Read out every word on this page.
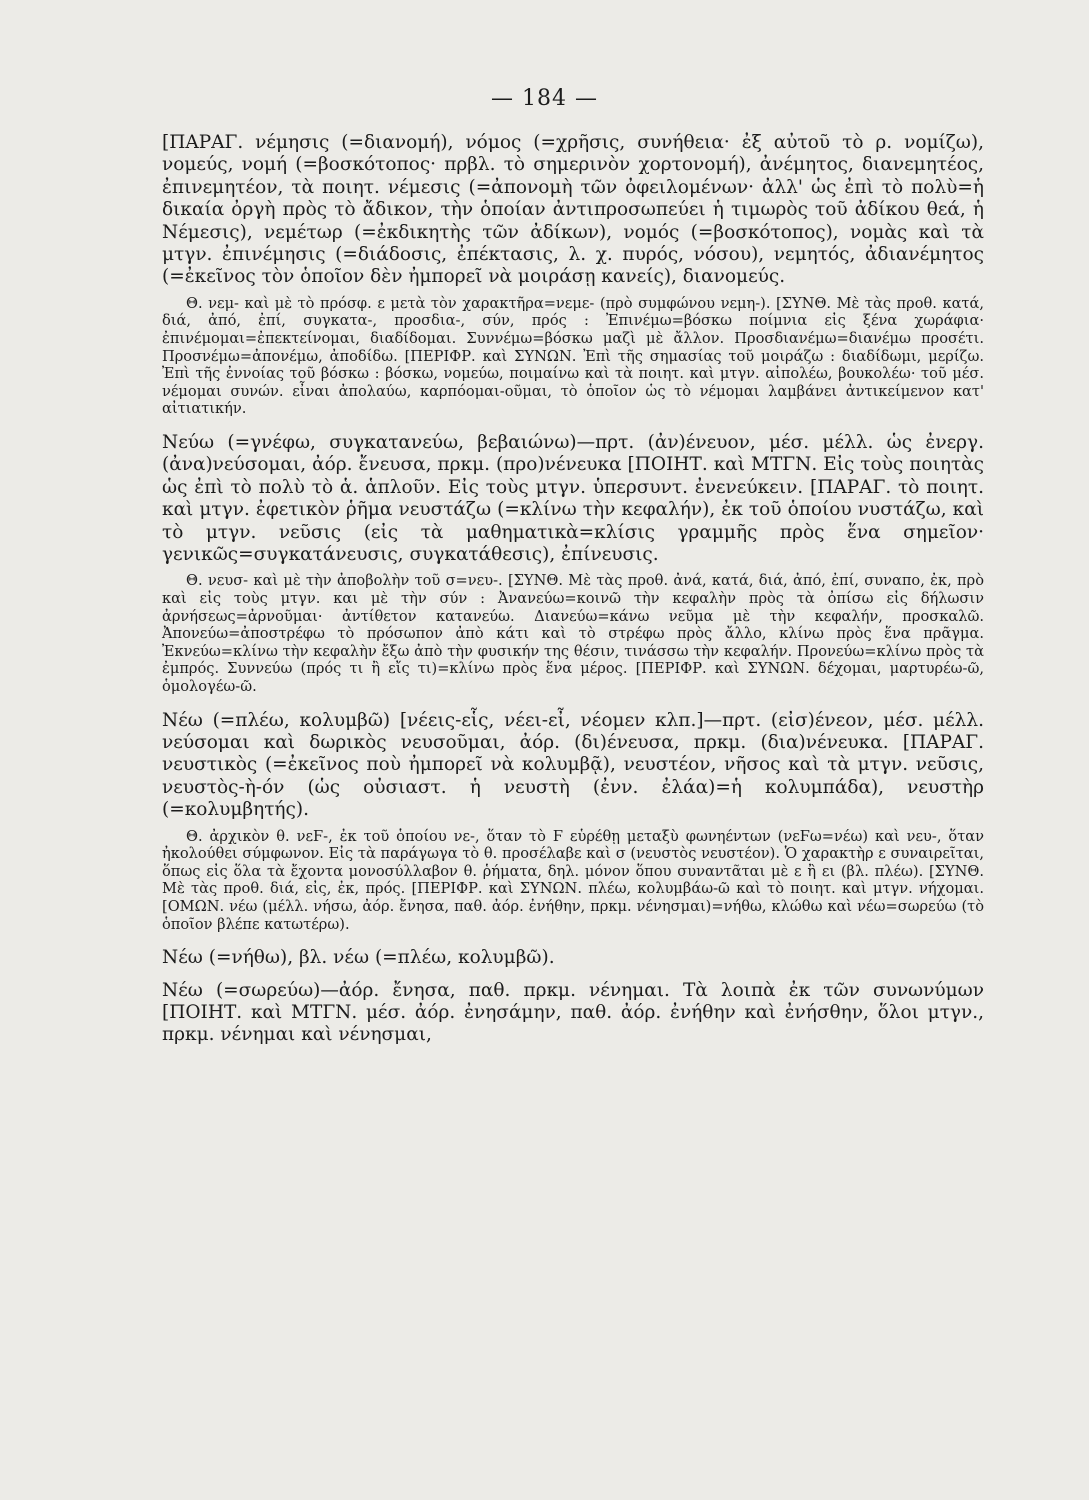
— 184 —

[ΠΑΡΑΓ. νέμησις (=διανομή), νόμος (=χρῆσις, συνήθεια· ἐξ αὐτοῦ τὸ ρ. νομίζω), νομεύς, νομή (=βοσκότοπος· πρβλ. τὸ σημερινὸν χορτονομή), ἀνέμητος, διανεμητέος, ἐπινεμητέον, τὰ ποιητ. νέμεσις (=ἀπονομὴ τῶν ὀφειλομένων· ἀλλ' ὡς ἐπὶ τὸ πολὺ=ἡ δικαία ὀργὴ πρὸς τὸ ἄδικον, τὴν ὁποίαν ἀντιπροσωπεύει ἡ τιμωρὸς τοῦ ἀδίκου θεά, ἡ Νέμεσις), νεμέτωρ (=ἐκδικητὴς τῶν ἀδίκων), νομός (=βοσκότοπος), νομὰς καὶ τὰ μτγν. ἐπινέμησις (=διάδοσις, ἐπέκτασις, λ. χ. πυρός, νόσου), νεμητός, ἀδιανέμητος (=ἐκεῖνος τὸν ὁποῖον δὲν ἠμπορεῖ νὰ μοιράσῃ κανείς), διανομεύς.

Θ. νεμ- καὶ μὲ τὸ πρόσφ. ε μετὰ τὸν χαρακτῆρα=νεμε- (πρὸ συμφώνου νεμη-). [ΣΥΝΘ. Μὲ τὰς προθ. κατά, διά, ἀπό, ἐπί, συγκατα-, προσδια-, σύν, πρός : Ἐπινέμω=βόσκω ποίμνια εἰς ξένα χωράφια· ἐπινέμομαι=ἐπεκτείνομαι, διαδίδομαι. Συννέμω=βόσκω μαζὶ μὲ ἄλλον. Προσδιανέμω=διανέμω προσέτι. Προσνέμω=ἀπονέμω, ἀποδίδω. [ΠΕΡΙΦΡ. καὶ ΣΥΝΩΝ. Ἐπὶ τῆς σημασίας τοῦ μοιράζω : διαδίδωμι, μερίζω. Ἐπὶ τῆς ἐννοίας τοῦ βόσκω : βόσκω, νομεύω, ποιμαίνω καὶ τὰ ποιητ. καὶ μτγν. αἰπολέω, βουκολέω· τοῦ μέσ. νέμομαι συνών. εἶναι ἀπολαύω, καρπόομαι-οῦμαι, τὸ ὁποῖον ὡς τὸ νέμομαι λαμβάνει ἀντικείμενον κατ' αἰτιατικήν.

Νεύω (=γνέφω, συγκατανεύω, βεβαιώνω)—πρτ. (ἀν)ένευον, μέσ. μέλλ. ὡς ἐνεργ. (ἀνα)νεύσομαι, ἀόρ. ἔνευσα, πρκμ. (προ)νένευκα [ΠΟΙΗΤ. καὶ ΜΤΓΝ. Εἰς τοὺς ποιητὰς ὡς ἐπὶ τὸ πολὺ τὸ ἁ. ἁπλοῦν. Εἰς τοὺς μτγν. ὑπερσυντ. ἐνενεύκειν. [ΠΑΡΑΓ. τὸ ποιητ. καὶ μτγν. ἐφετικὸν ῥῆμα νευστάζω (=κλίνω τὴν κεφαλήν), ἐκ τοῦ ὁποίου νυστάζω, καὶ τὸ μτγν. νεῦσις (εἰς τὰ μαθηματικὰ=κλίσις γραμμῆς πρὸς ἕνα σημεῖον· γενικῶς=συγκατάνευσις, συγκατάθεσις), ἐπίνευσις.

Θ. νευσ- καὶ μὲ τὴν ἀποβολὴν τοῦ σ=νευ-. [ΣΥΝΘ. Μὲ τὰς προθ. ἀνά, κατά, διά, ἀπό, ἐπί, συναπο, ἐκ, πρὸ καὶ εἰς τοὺς μτγν. και μὲ τὴν σύν : Ἀνανεύω=κοινῶ τὴν κεφαλὴν πρὸς τὰ ὀπίσω εἰς δήλωσιν ἀρνήσεως=ἀρνοῦμαι· ἀντίθετον κατανεύω. Διανεύω=κάνω νεῦμα μὲ τὴν κεφαλήν, προσκαλῶ. Ἀπονεύω=ἀποστρέφω τὸ πρόσωπον ἀπὸ κάτι καὶ τὸ στρέφω πρὸς ἄλλο, κλίνω πρὸς ἕνα πρᾶγμα. Ἐκνεύω=κλίνω τὴν κεφαλὴν ἔξω ἀπὸ τὴν φυσικήν της θέσιν, τινάσσω τὴν κεφαλήν. Προνεύω=κλίνω πρὸς τὰ ἐμπρός. Συννεύω (πρός τι ἢ εἴς τι)=κλίνω πρὸς ἕνα μέρος. [ΠΕΡΙΦΡ. καὶ ΣΥΝΩΝ. δέχομαι, μαρτυρέω-ῶ, ὁμολογέω-ῶ.

Νέω (=πλέω, κολυμβῶ) [νέεις-εἷς, νέει-εἶ, νέομεν κλπ.]—πρτ. (εἰσ)ένεον, μέσ. μέλλ. νεύσομαι καὶ δωρικὸς νευσοῦμαι, ἀόρ. (δι)ένευσα, πρκμ. (δια)νένευκα. [ΠΑΡΑΓ. νευστικὸς (=ἐκεῖνος ποὺ ἠμπορεῖ νὰ κολυμβᾷ), νευστέον, νῆσος καὶ τὰ μτγν. νεῦσις, νευστὸς-ὴ-όν (ὡς οὐσιαστ. ἡ νευστὴ (ἐνν. ἐλάα)=ἡ κολυμπάδα), νευστὴρ (=κολυμβητής).

Θ. ἀρχικὸν θ. νεϜ-, ἐκ τοῦ ὁποίου νε-, ὅταν τὸ Ϝ εὑρέθῃ μεταξὺ φωνηέντων (νεϜω=νέω) καὶ νευ-, ὅταν ἠκολούθει σύμφωνον. Εἰς τὰ παράγωγα τὸ θ. προσέλαβε καὶ σ (νευστὸς νευστέον). Ὁ χαρακτὴρ ε συναιρεῖται, ὅπως εἰς ὅλα τὰ ἔχοντα μονοσύλλαβον θ. ῥήματα, δηλ. μόνον ὅπου συναντᾶται μὲ ε ἢ ει (βλ. πλέω). [ΣΥΝΘ. Μὲ τὰς προθ. διά, εἰς, ἐκ, πρός. [ΠΕΡΙΦΡ. καὶ ΣΥΝΩΝ. πλέω, κολυμβάω-ῶ καὶ τὸ ποιητ. καὶ μτγν. νήχομαι. [ΟΜΩΝ. νέω (μέλλ. νήσω, ἀόρ. ἔνησα, παθ. ἀόρ. ἐνήθην, πρκμ. νένησμαι)=νήθω, κλώθω καὶ νέω=σωρεύω (τὸ ὁποῖον βλέπε κατωτέρω).

Νέω (=νήθω), βλ. νέω (=πλέω, κολυμβῶ).

Νέω (=σωρεύω)—ἀόρ. ἔνησα, παθ. πρκμ. νένημαι. Τὰ λοιπὰ ἐκ τῶν συνωνύμων [ΠΟΙΗΤ. καὶ ΜΤΓΝ. μέσ. ἀόρ. ἐνησάμην, παθ. ἀόρ. ἐνήθην καὶ ἐνήσθην, ὅλοι μτγν., πρκμ. νένημαι καὶ νένησμαι,
